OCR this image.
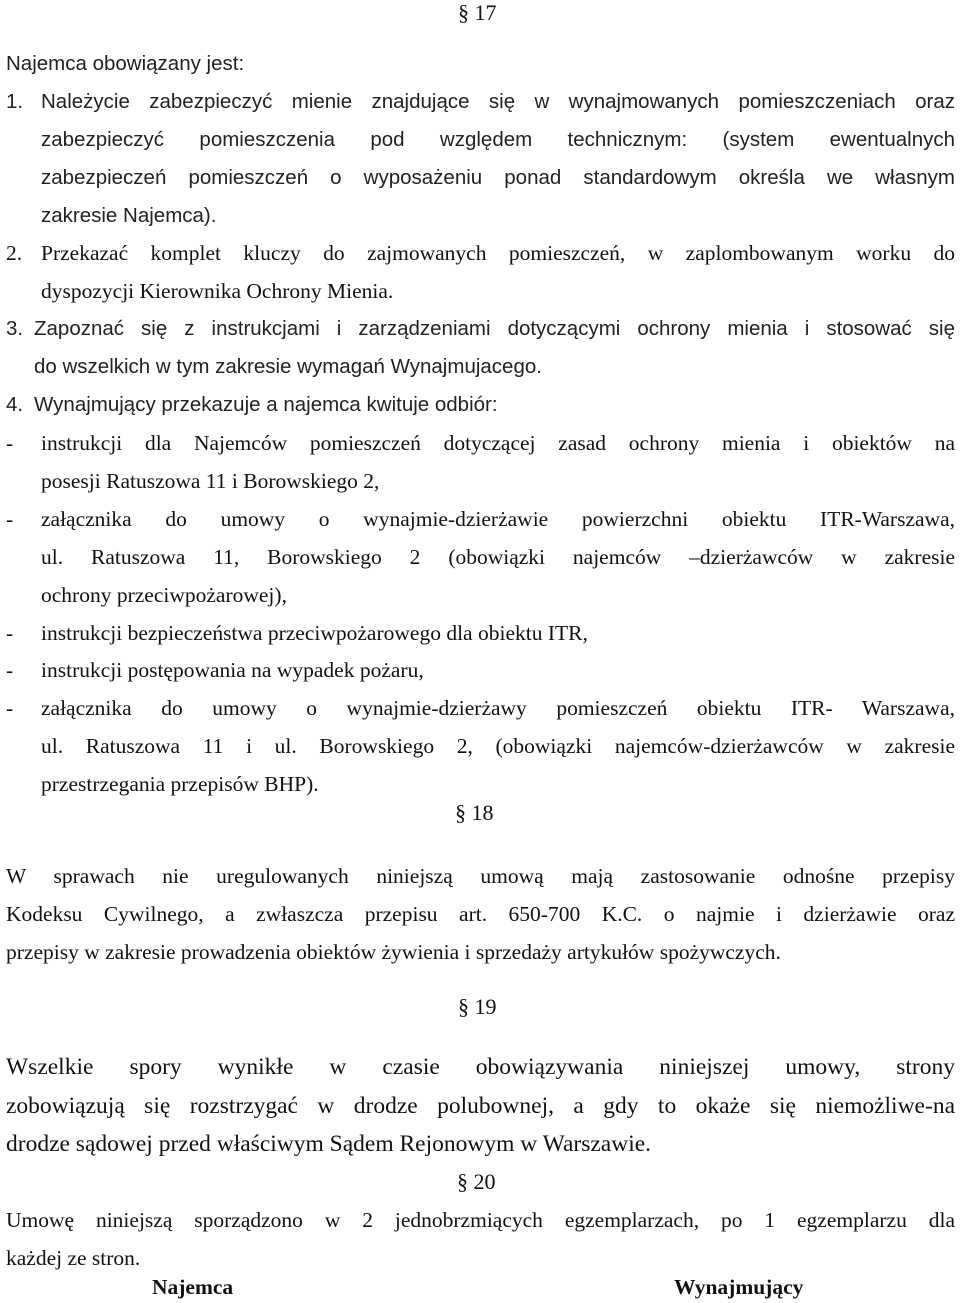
§ 17
Najemca obowiązany jest:
1. Należycie zabezpieczyć mienie znajdujące się w wynajmowanych pomieszczeniach oraz
zabezpieczyć pomieszczenia pod względem technicznym: (system ewentualnych
zabezpieczeń pomieszczeń o wyposażeniu ponad standardowym określa we własnym
zakresie Najemca).
2. Przekazać komplet kluczy do zajmowanych pomieszczeń, w zaplombowanym worku do
dyspozycji Kierownika Ochrony Mienia.
3. Zapoznać się z instrukcjami i zarządzeniami dotyczącymi ochrony mienia i stosować się
do wszelkich w tym zakresie wymagań Wynajmujacego.
4. Wynajmujący przekazuje a najemca kwituje odbiór:
- instrukcji dla Najemców pomieszczeń dotyczącej zasad ochrony mienia i obiektów na
posesji Ratuszowa 11 i Borowskiego 2,
- załącznika do umowy o wynajmie-dzierżawie powierzchni obiektu ITR-Warszawa,
ul. Ratuszowa 11, Borowskiego 2 (obowiązki najemców –dzierżawców w zakresie
ochrony przeciwpożarowej),
- instrukcji bezpieczeństwa przeciwpożarowego dla obiektu ITR,
- instrukcji postępowania na wypadek pożaru,
- załącznika do umowy o wynajmie-dzierżawy pomieszczeń obiektu ITR- Warszawa,
ul. Ratuszowa 11 i ul. Borowskiego 2, (obowiązki najemców-dzierżawców w zakresie
przestrzegania przepisów BHP).
§ 18
W sprawach nie uregulowanych niniejszą umową mają zastosowanie odnośne przepisy
Kodeksu Cywilnego, a zwłaszcza przepisu art. 650-700 K.C. o najmie i dzierżawie oraz
przepisy w zakresie prowadzenia obiektów żywienia i sprzedaży artykułów spożywczych.
§ 19
Wszelkie spory wynikłe w czasie obowiązywania niniejszej umowy, strony
zobowiązują się rozstrzygać w drodze polubownej, a gdy to okaże się niemożliwe-na
drodze sądowej przed właściwym Sądem Rejonowym w Warszawie.
§ 20
Umowę niniejszą sporządzono w 2 jednobrzmiących egzemplarzach, po 1 egzemplarzu dla
każdej ze stron.
Najemca	Wynajmujący
